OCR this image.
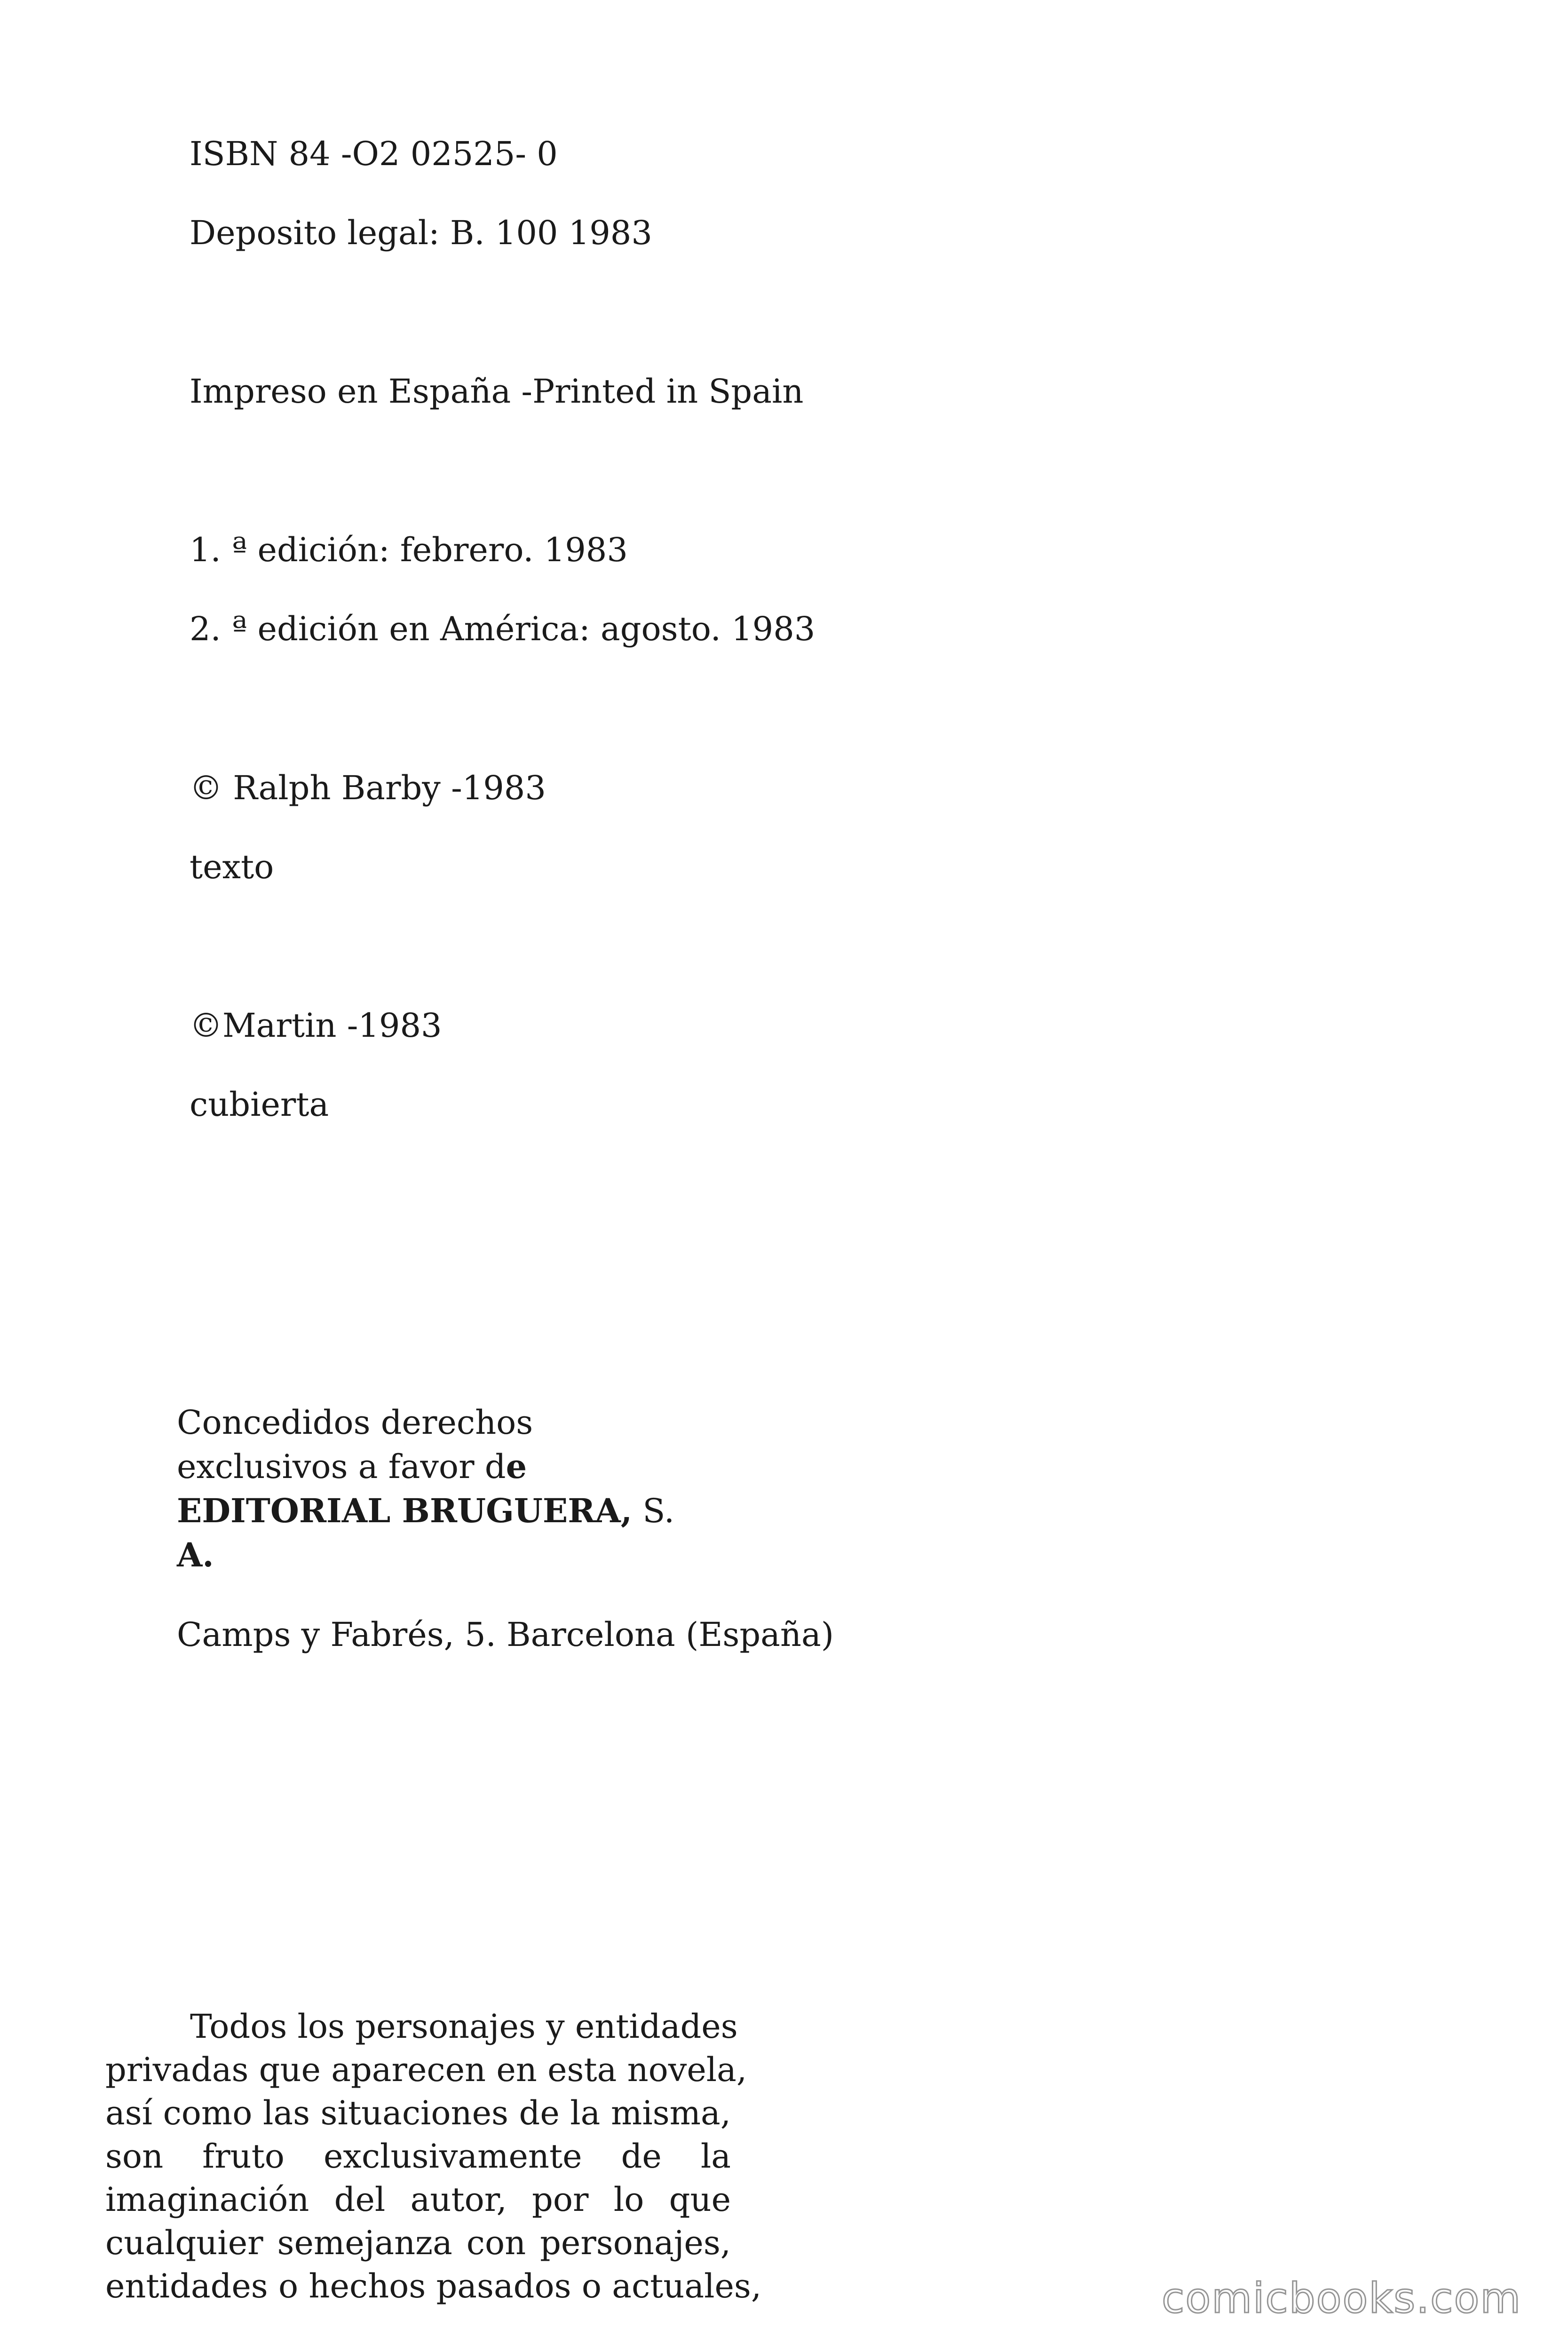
ISBN 84 -O2 02525- 0
Deposito legal: B. 100 1983
Impreso en España -Printed in Spain
1. ª edición: febrero. 1983
2. ª edición en América: agosto. 1983
© Ralph Barby -1983
texto
©Martin -1983
cubierta
Concedidos derechos
exclusivos a favor de
EDITORIAL BRUGUERA, S.
A.
Camps y Fabrés, 5. Barcelona (España)
Todos los personajes y entidades
privadas que aparecen en esta novela,
así como las situaciones de la misma,
son fruto exclusivamente de la
imaginación del autor, por lo que
cualquier semejanza con personajes,
entidades o hechos pasados o actuales,	comicbooks.com
